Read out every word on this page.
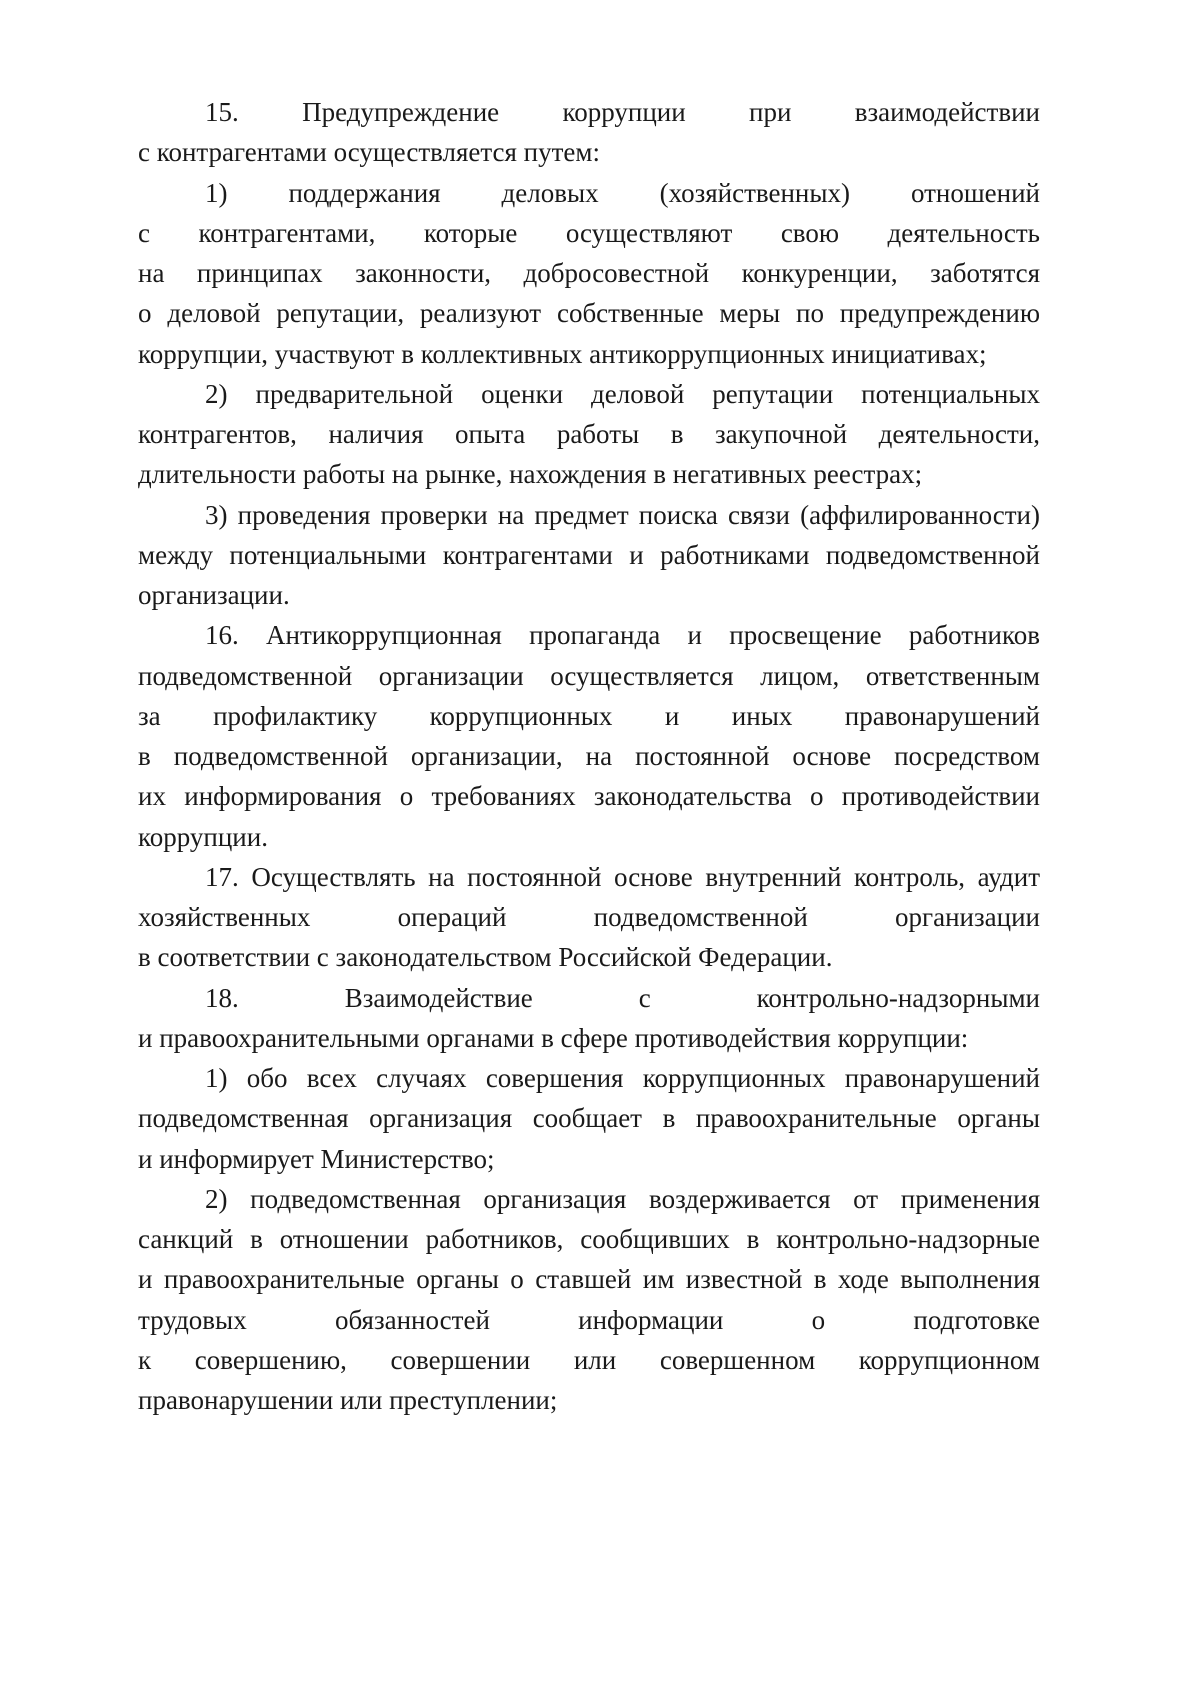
15. Предупреждение коррупции при взаимодействии
с контрагентами осуществляется путем:
1) поддержания деловых (хозяйственных) отношений
с контрагентами, которые осуществляют свою деятельность
на принципах законности, добросовестной конкуренции, заботятся
о деловой репутации, реализуют собственные меры по предупреждению
коррупции, участвуют в коллективных антикоррупционных инициативах;
2) предварительной оценки деловой репутации потенциальных
контрагентов, наличия опыта работы в закупочной деятельности,
длительности работы на рынке, нахождения в негативных реестрах;
3) проведения проверки на предмет поиска связи (аффилированности)
между потенциальными контрагентами и работниками подведомственной
организации.
16. Антикоррупционная пропаганда и просвещение работников
подведомственной организации осуществляется лицом, ответственным
за профилактику коррупционных и иных правонарушений
в подведомственной организации, на постоянной основе посредством
их информирования о требованиях законодательства о противодействии
коррупции.
17. Осуществлять на постоянной основе внутренний контроль, аудит
хозяйственных операций подведомственной организации
в соответствии с законодательством Российской Федерации.
18. Взаимодействие с контрольно-надзорными
и правоохранительными органами в сфере противодействия коррупции:
1) обо всех случаях совершения коррупционных правонарушений
подведомственная организация сообщает в правоохранительные органы
и информирует Министерство;
2) подведомственная организация воздерживается от применения
санкций в отношении работников, сообщивших в контрольно-надзорные
и правоохранительные органы о ставшей им известной в ходе выполнения
трудовых обязанностей информации о подготовке
к совершению, совершении или совершенном коррупционном
правонарушении или преступлении;
